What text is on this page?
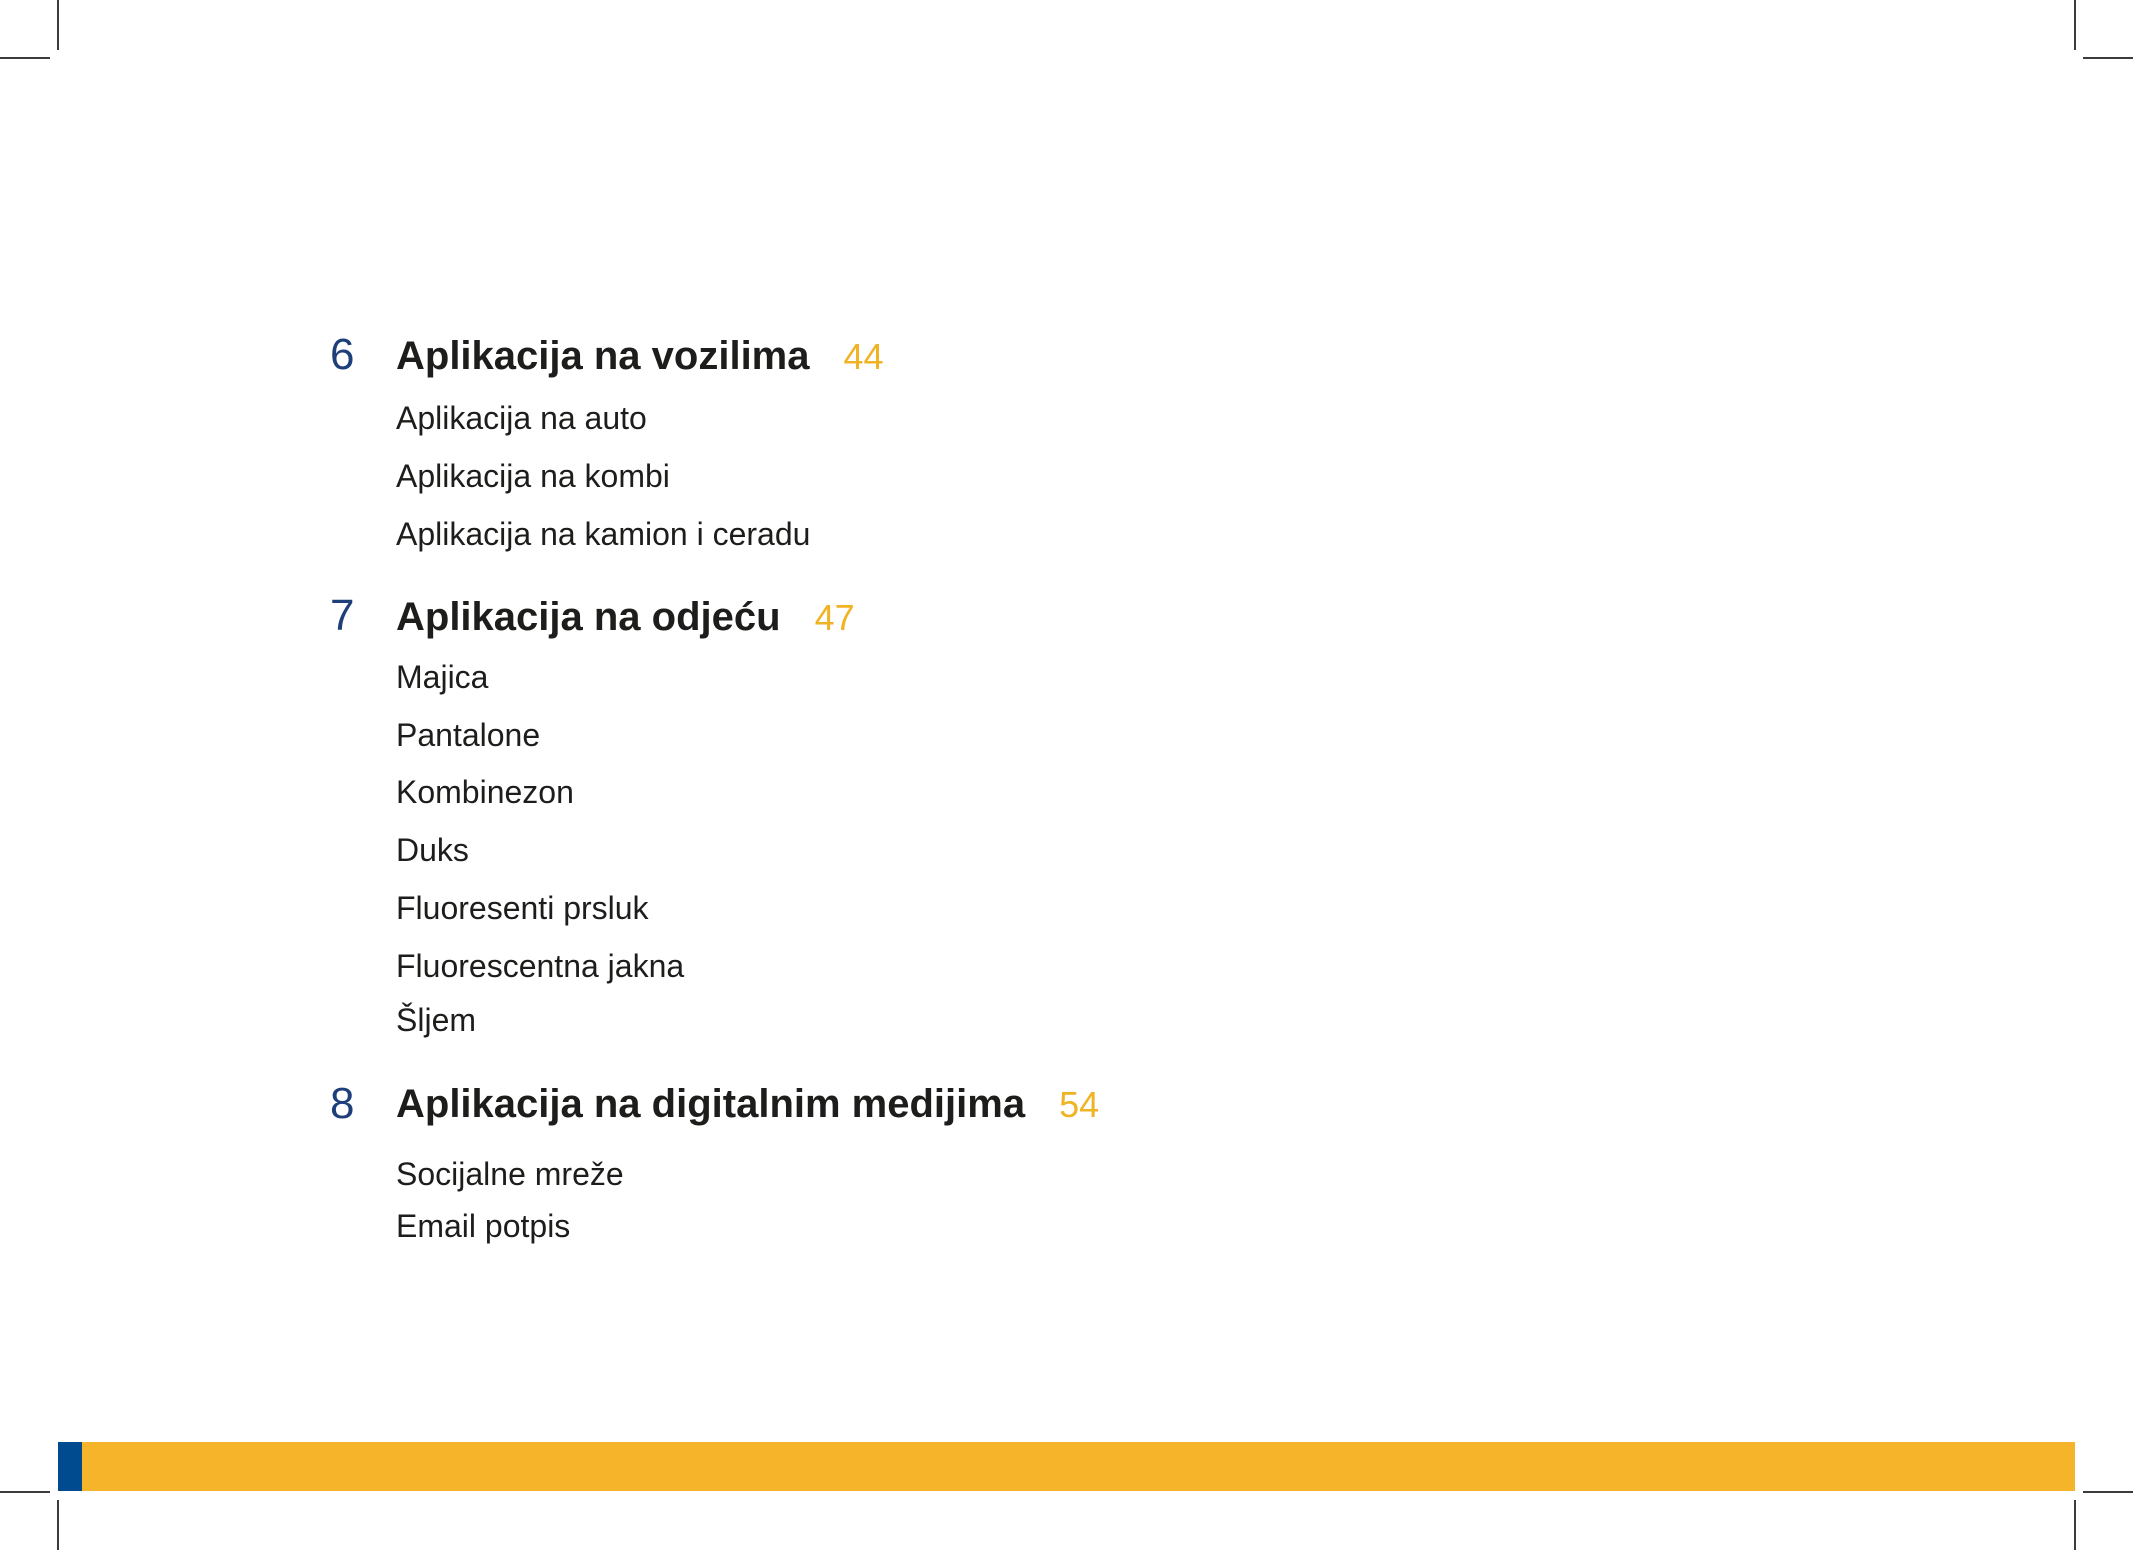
6 Aplikacija na vozilima 44
Aplikacija na auto
Aplikacija na kombi
Aplikacija na kamion i ceradu
7 Aplikacija na odjeću 47
Majica
Pantalone
Kombinezon
Duks
Fluoresenti prsluk
Fluorescentna jakna
Šljem
8 Aplikacija na digitalnim medijima 54
Socijalne mreže
Email potpis
